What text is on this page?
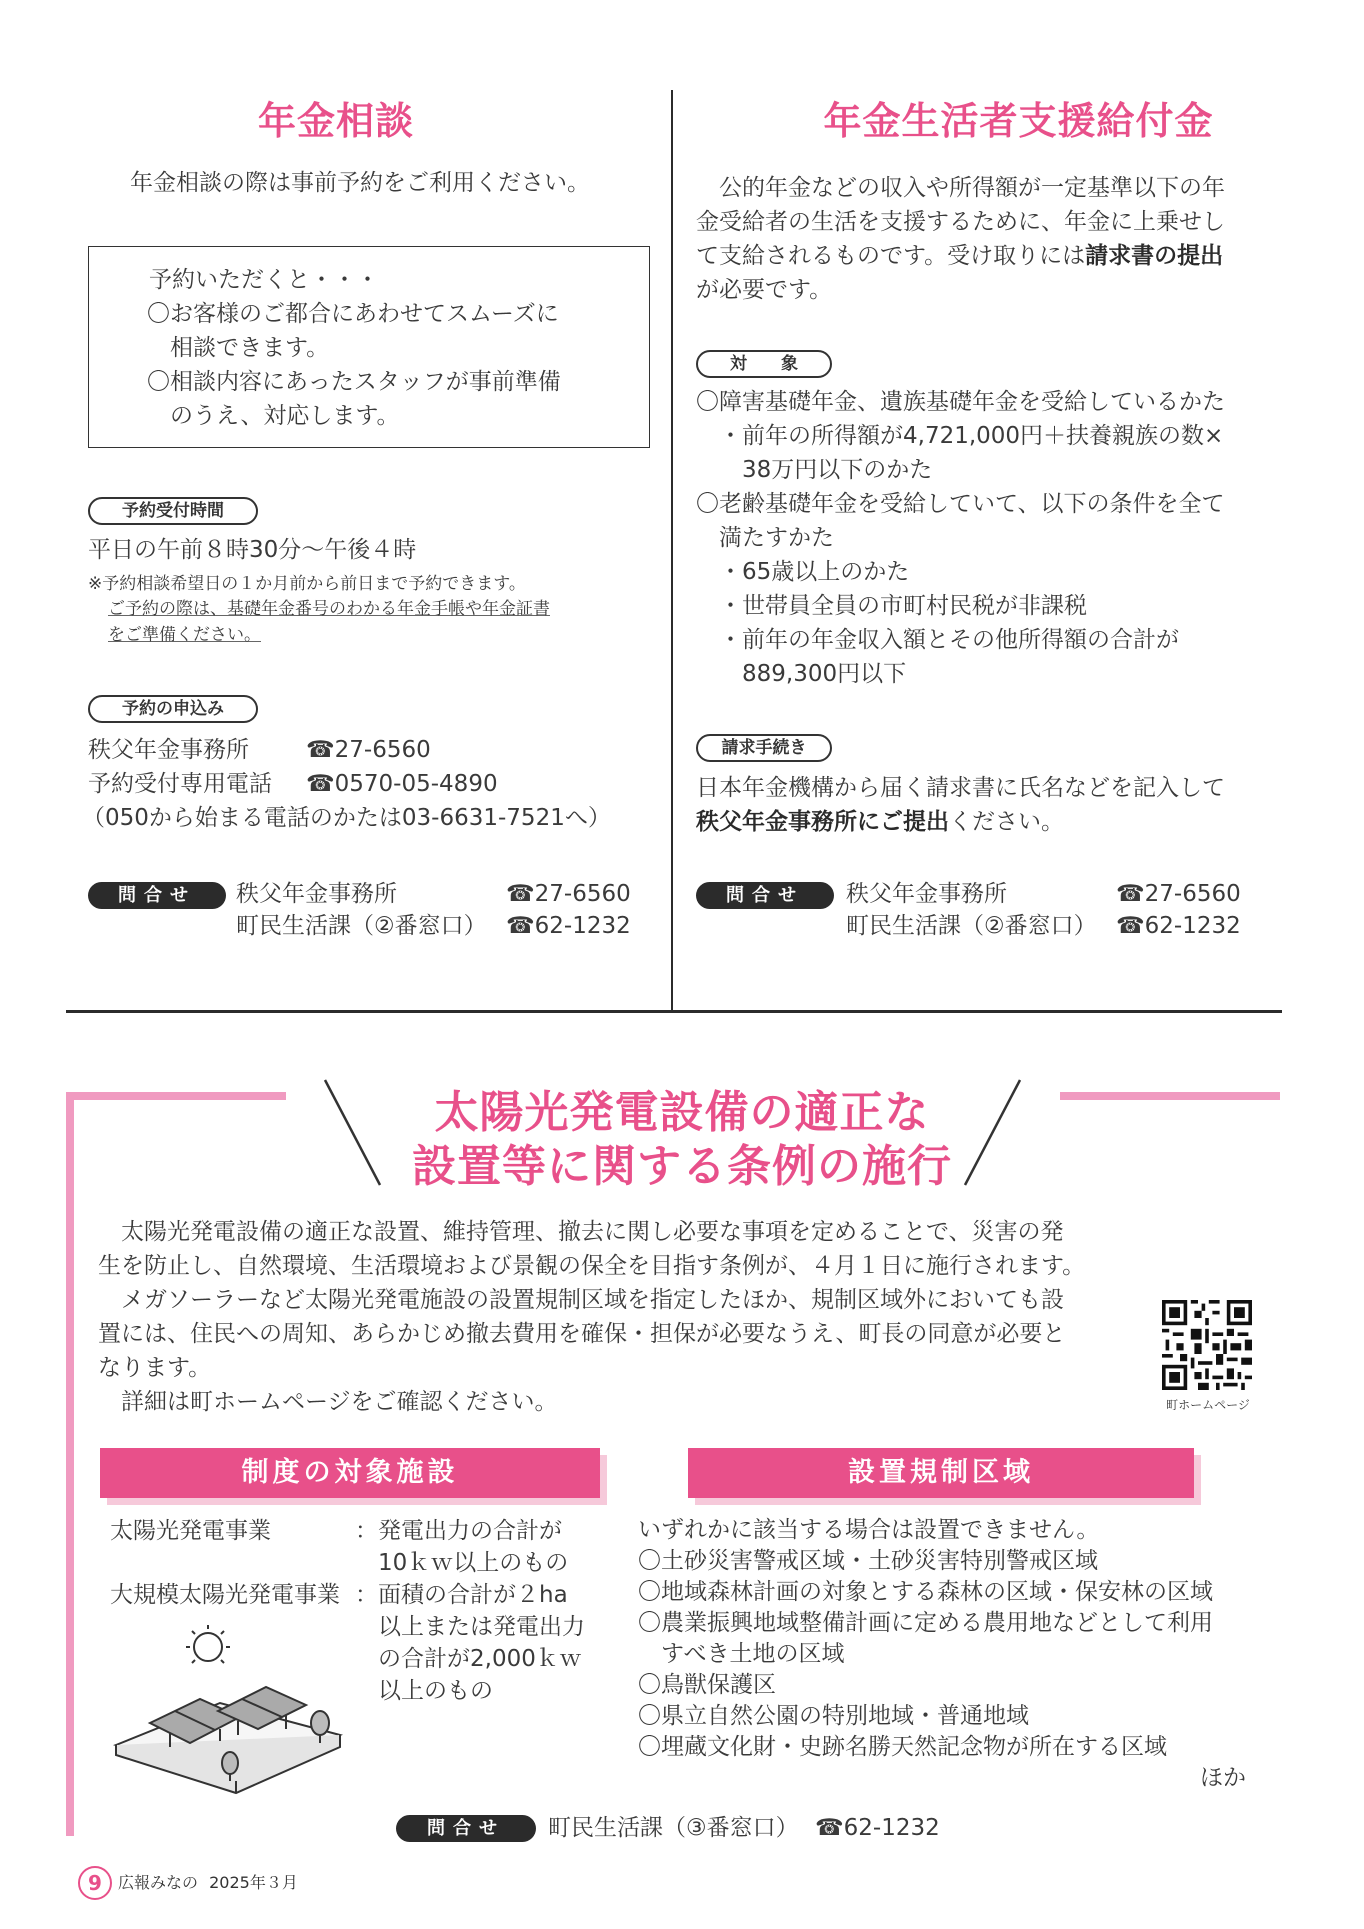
年金相談
年金相談の際は事前予約をご利用ください。
予約いただくと・・・
〇お客様のご都合にあわせてスムーズに
　相談できます。
〇相談内容にあったスタッフが事前準備
　のうえ、対応します。
予約受付時間
平日の午前８時30分～午後４時
※予約相談希望日の１か月前から前日まで予約できます。
ご予約の際は、基礎年金番号のわかる年金手帳や年金証書
をご準備ください。
予約の申込み
秩父年金事務所 ☎27-6560
予約受付専用電話 ☎0570-05-4890
（050から始まる電話のかたは03-6631-7521へ）
問合せ	秩父年金事務所	☎27-6560
町民生活課（②番窓口） ☎62-1232
年金生活者支援給付金
　公的年金などの収入や所得額が一定基準以下の年
金受給者の生活を支援するために、年金に上乗せし
て支給されるものです。受け取りには請求書の提出
が必要です。
対　　象
〇障害基礎年金、遺族基礎年金を受給しているかた
　・前年の所得額が4,721,000円＋扶養親族の数×
　　38万円以下のかた
〇老齢基礎年金を受給していて、以下の条件を全て
　満たすかた
　・65歳以上のかた
　・世帯員全員の市町村民税が非課税
　・前年の年金収入額とその他所得額の合計が
　　889,300円以下
請求手続き
日本年金機構から届く請求書に氏名などを記入して
秩父年金事務所にご提出ください。
問合せ	秩父年金事務所	☎27-6560
町民生活課（②番窓口） ☎62-1232
太陽光発電設備の適正な
設置等に関する条例の施行
　太陽光発電設備の適正な設置、維持管理、撤去に関し必要な事項を定めることで、災害の発
生を防止し、自然環境、生活環境および景観の保全を目指す条例が、４月１日に施行されます。
　メガソーラーなど太陽光発電施設の設置規制区域を指定したほか、規制区域外においても設
置には、住民への周知、あらかじめ撤去費用を確保・担保が必要なうえ、町長の同意が必要と
なります。
　詳細は町ホームページをご確認ください。	町ホームページ
制度の対象施設
太陽光発電事業	：発電出力の合計が
　10ｋｗ以上のもの
大規模太陽光発電事業 ：面積の合計が２ha
　以上または発電出力
　の合計が2,000ｋｗ
　以上のもの
設置規制区域
いずれかに該当する場合は設置できません。
〇土砂災害警戒区域・土砂災害特別警戒区域
〇地域森林計画の対象とする森林の区域・保安林の区域
〇農業振興地域整備計画に定める農用地などとして利用
　すべき土地の区域
〇鳥獣保護区
〇県立自然公園の特別地域・普通地域
〇埋蔵文化財・史跡名勝天然記念物が所在する区域
ほか
問合せ	町民生活課（③番窓口） ☎62-1232
9	広報みなの 2025年３月
